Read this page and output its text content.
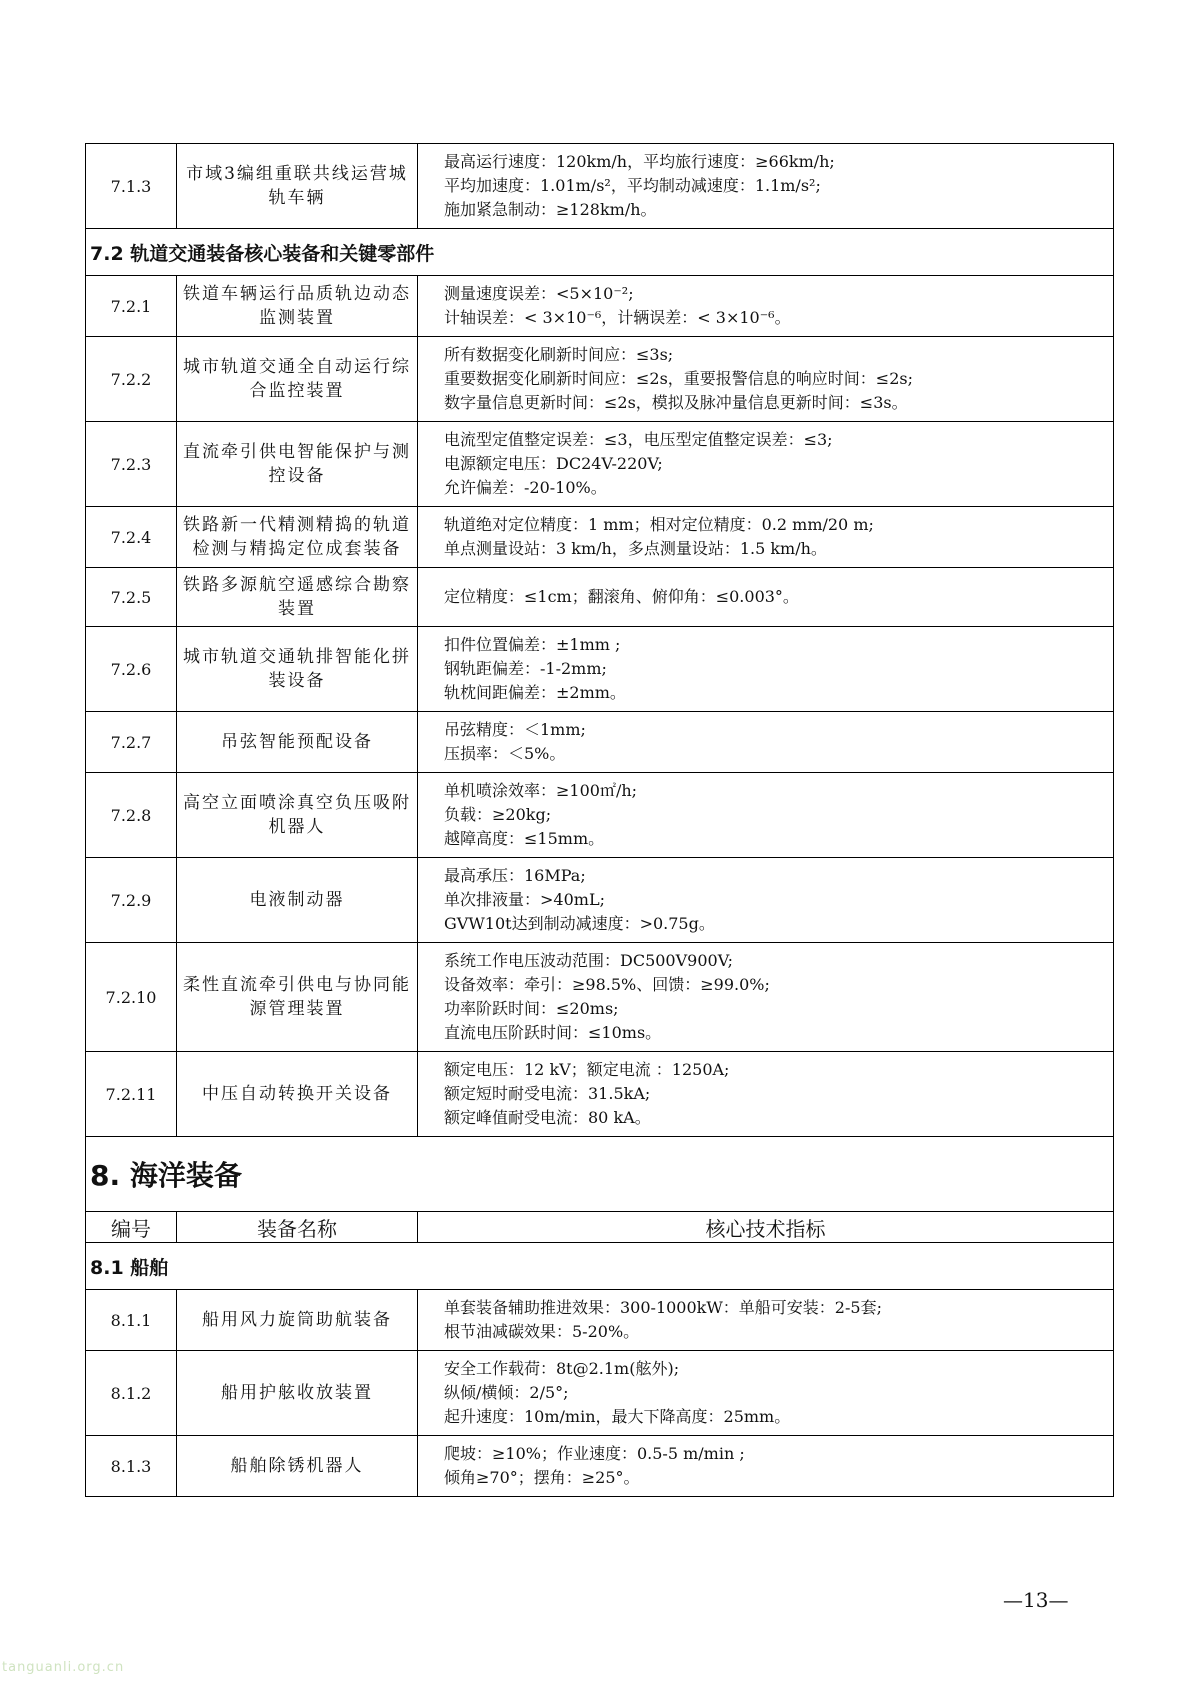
7.1.3	市域3编组重联共线运营城轨车辆	最高运行速度：120km/h，平均旅行速度：≥66km/h;
平均加速度：1.01m/s²，平均制动减速度：1.1m/s²;
施加紧急制动：≥128km/h。

7.2 轨道交通装备核心装备和关键零部件		
7.2.1	铁道车辆运行品质轨边动态监测装置	测量速度误差：<5×10⁻²;
计轴误差：< 3×10⁻⁶，计辆误差：< 3×10⁻⁶。

7.2.2	城市轨道交通全自动运行综合监控装置	所有数据变化刷新时间应：≤3s;
重要数据变化刷新时间应：≤2s，重要报警信息的响应时间：≤2s;
数字量信息更新时间：≤2s，模拟及脉冲量信息更新时间：≤3s。

7.2.3	直流牵引供电智能保护与测控设备	电流型定值整定误差：≤3，电压型定值整定误差：≤3;
电源额定电压：DC24V-220V;
允许偏差：-20-10%。

7.2.4	铁路新一代精测精捣的轨道检测与精捣定位成套装备	轨道绝对定位精度：1 mm；相对定位精度：0.2 mm/20 m;
单点测量设站：3 km/h，多点测量设站：1.5 km/h。

7.2.5	铁路多源航空遥感综合勘察装置	定位精度：≤1cm；翻滚角、俯仰角：≤0.003°。

7.2.6	城市轨道交通轨排智能化拼装设备	扣件位置偏差：±1mm ;
钢轨距偏差：-1-2mm;
轨枕间距偏差：±2mm。

7.2.7	吊弦智能预配设备	吊弦精度：＜1mm;
压损率：＜5%。

7.2.8	高空立面喷涂真空负压吸附机器人	单机喷涂效率：≥100㎡/h;
负载：≥20kg;
越障高度：≤15mm。

7.2.9	电液制动器	最高承压：16MPa;
单次排液量：>40mL;
GVW10t达到制动减速度：>0.75g。

7.2.10	柔性直流牵引供电与协同能源管理装置	系统工作电压波动范围：DC500V900V;
设备效率：牵引：≥98.5%、回馈：≥99.0%;
功率阶跃时间：≤20ms;
直流电压阶跃时间：≤10ms。

7.2.11	中压自动转换开关设备	额定电压：12 kV；额定电流 ：1250A;
额定短时耐受电流：31.5kA;
额定峰值耐受电流：80 kA。

8. 海洋装备		
编号	装备名称	核心技术指标
8.1 船舶		
8.1.1	船用风力旋筒助航装备	单套装备辅助推进效果：300-1000kW：单船可安装：2-5套;
根节油减碳效果：5-20%。

8.1.2	船用护舷收放装置	安全工作载荷：8t@2.1m(舷外);
纵倾/横倾：2/5°;
起升速度：10m/min，最大下降高度：25mm。

8.1.3	船舶除锈机器人	爬坡：≥10%；作业速度：0.5-5 m/min ;
倾角≥70°；摆角：≥25°。
—13—
tanguanli.org.cn
